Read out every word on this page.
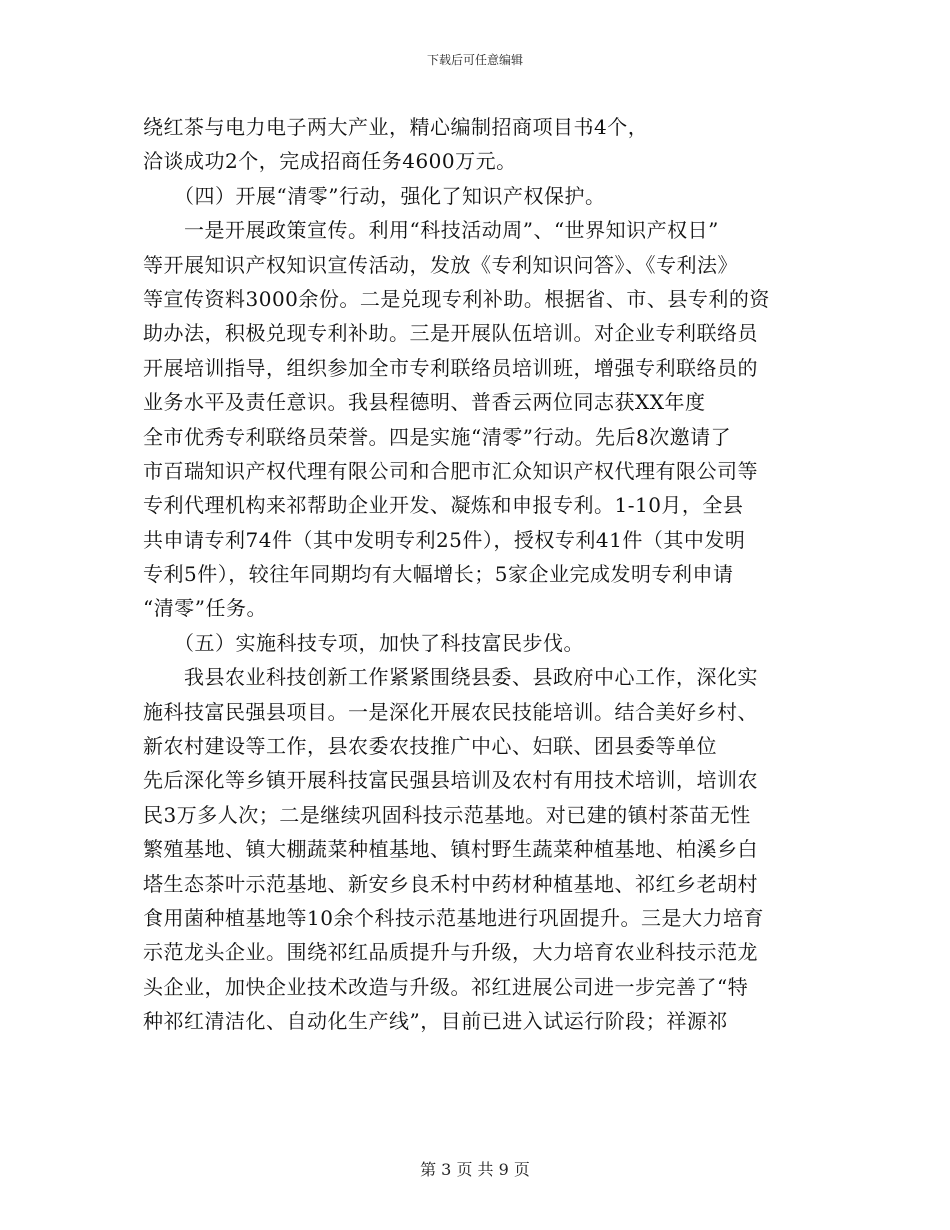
下载后可任意编辑
绕红茶与电力电子两大产业，精心编制招商项目书4个，
洽谈成功2个，完成招商任务4600万元。
　　（四）开展“清零”行动，强化了知识产权保护。
　　一是开展政策宣传。利用“科技活动周”、“世界知识产权日”
等开展知识产权知识宣传活动，发放《专利知识问答》、《专利法》
等宣传资料3000余份。二是兑现专利补助。根据省、市、县专利的资
助办法，积极兑现专利补助。三是开展队伍培训。对企业专利联络员
开展培训指导，组织参加全市专利联络员培训班，增强专利联络员的
业务水平及责任意识。我县程德明、普香云两位同志获XX年度
全市优秀专利联络员荣誉。四是实施“清零”行动。先后8次邀请了
市百瑞知识产权代理有限公司和合肥市汇众知识产权代理有限公司等
专利代理机构来祁帮助企业开发、凝炼和申报专利。1-10月，全县
共申请专利74件（其中发明专利25件），授权专利41件（其中发明
专利5件），较往年同期均有大幅增长；5家企业完成发明专利申请
“清零”任务。
　　（五）实施科技专项，加快了科技富民步伐。
　　我县农业科技创新工作紧紧围绕县委、县政府中心工作，深化实
施科技富民强县项目。一是深化开展农民技能培训。结合美好乡村、
新农村建设等工作，县农委农技推广中心、妇联、团县委等单位
先后深化等乡镇开展科技富民强县培训及农村有用技术培训，培训农
民3万多人次；二是继续巩固科技示范基地。对已建的镇村茶苗无性
繁殖基地、镇大棚蔬菜种植基地、镇村野生蔬菜种植基地、柏溪乡白
塔生态茶叶示范基地、新安乡良禾村中药材种植基地、祁红乡老胡村
食用菌种植基地等10余个科技示范基地进行巩固提升。三是大力培育
示范龙头企业。围绕祁红品质提升与升级，大力培育农业科技示范龙
头企业，加快企业技术改造与升级。祁红进展公司进一步完善了“特
种祁红清洁化、自动化生产线”，目前已进入试运行阶段；祥源祁
第 3 页 共 9 页
